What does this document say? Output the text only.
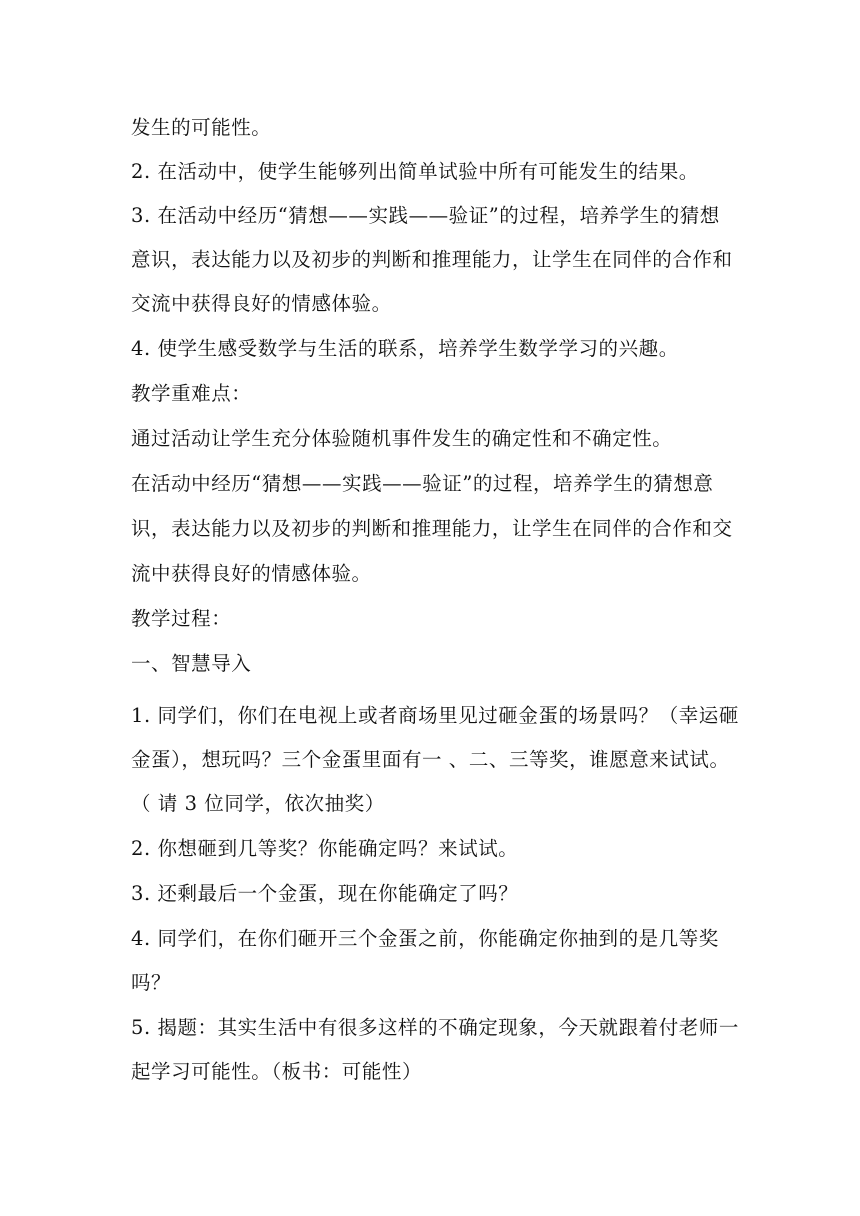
发生的可能性。
2. 在活动中，使学生能够列出简单试验中所有可能发生的结果。
3. 在活动中经历“猜想——实践——验证”的过程，培养学生的猜想
意识，表达能力以及初步的判断和推理能力，让学生在同伴的合作和
交流中获得良好的情感体验。
4. 使学生感受数学与生活的联系，培养学生数学学习的兴趣。
教学重难点：
通过活动让学生充分体验随机事件发生的确定性和不确定性。
在活动中经历“猜想——实践——验证”的过程，培养学生的猜想意
识，表达能力以及初步的判断和推理能力，让学生在同伴的合作和交
流中获得良好的情感体验。
教学过程：
一、智慧导入
1. 同学们，你们在电视上或者商场里见过砸金蛋的场景吗？（幸运砸
金蛋），想玩吗？三个金蛋里面有一 、二、三等奖，谁愿意来试试。
（ 请 3 位同学，依次抽奖）
2. 你想砸到几等奖？你能确定吗？来试试。
3. 还剩最后一个金蛋，现在你能确定了吗？
4. 同学们，在你们砸开三个金蛋之前，你能确定你抽到的是几等奖
吗？
5. 揭题：其实生活中有很多这样的不确定现象，今天就跟着付老师一
起学习可能性。（板书：可能性）
